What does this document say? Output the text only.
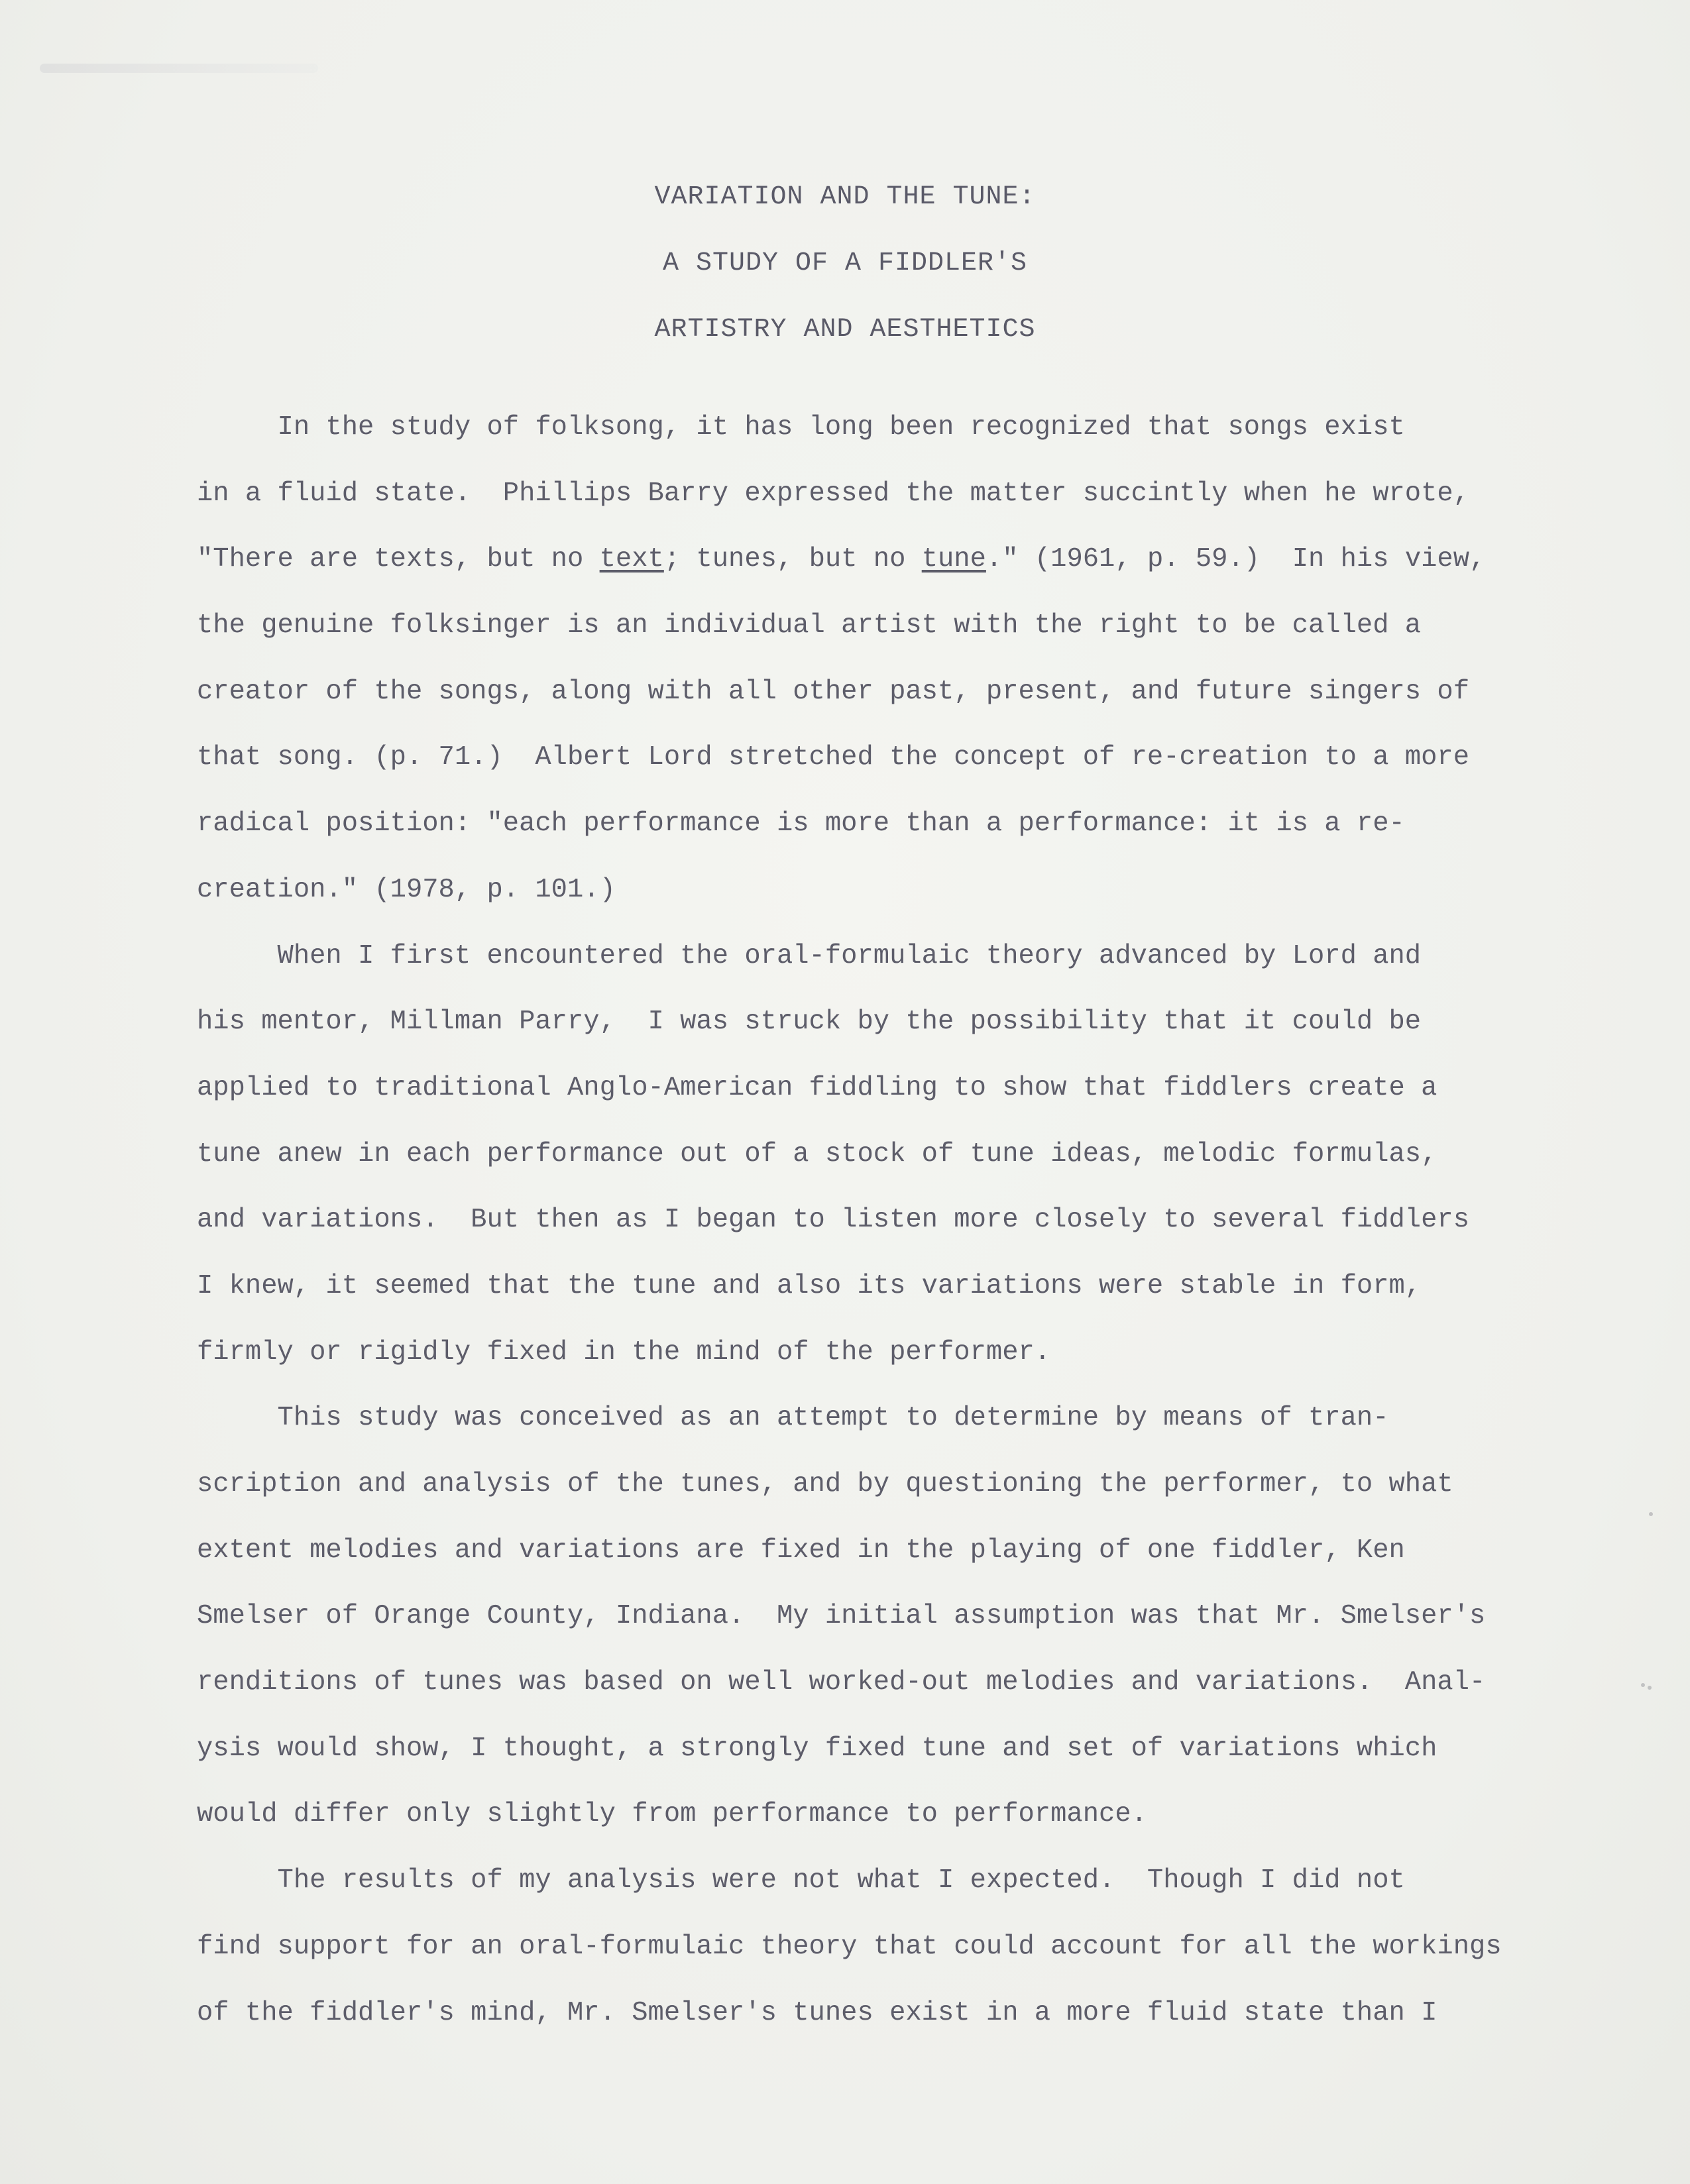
VARIATION AND THE TUNE:
A STUDY OF A FIDDLER'S
ARTISTRY AND AESTHETICS
In the study of folksong, it has long been recognized that songs exist
in a fluid state.  Phillips Barry expressed the matter succintly when he wrote,
"There are texts, but no text; tunes, but no tune." (1961, p. 59.)  In his view,
the genuine folksinger is an individual artist with the right to be called a
creator of the songs, along with all other past, present, and future singers of
that song. (p. 71.)  Albert Lord stretched the concept of re-creation to a more
radical position: "each performance is more than a performance: it is a re-
creation." (1978, p. 101.)
When I first encountered the oral-formulaic theory advanced by Lord and
his mentor, Millman Parry,  I was struck by the possibility that it could be
applied to traditional Anglo-American fiddling to show that fiddlers create a
tune anew in each performance out of a stock of tune ideas, melodic formulas,
and variations.  But then as I began to listen more closely to several fiddlers
I knew, it seemed that the tune and also its variations were stable in form,
firmly or rigidly fixed in the mind of the performer.
This study was conceived as an attempt to determine by means of tran-
scription and analysis of the tunes, and by questioning the performer, to what
extent melodies and variations are fixed in the playing of one fiddler, Ken
Smelser of Orange County, Indiana.  My initial assumption was that Mr. Smelser's
renditions of tunes was based on well worked-out melodies and variations.  Anal-
ysis would show, I thought, a strongly fixed tune and set of variations which
would differ only slightly from performance to performance.
The results of my analysis were not what I expected.  Though I did not
find support for an oral-formulaic theory that could account for all the workings
of the fiddler's mind, Mr. Smelser's tunes exist in a more fluid state than I
